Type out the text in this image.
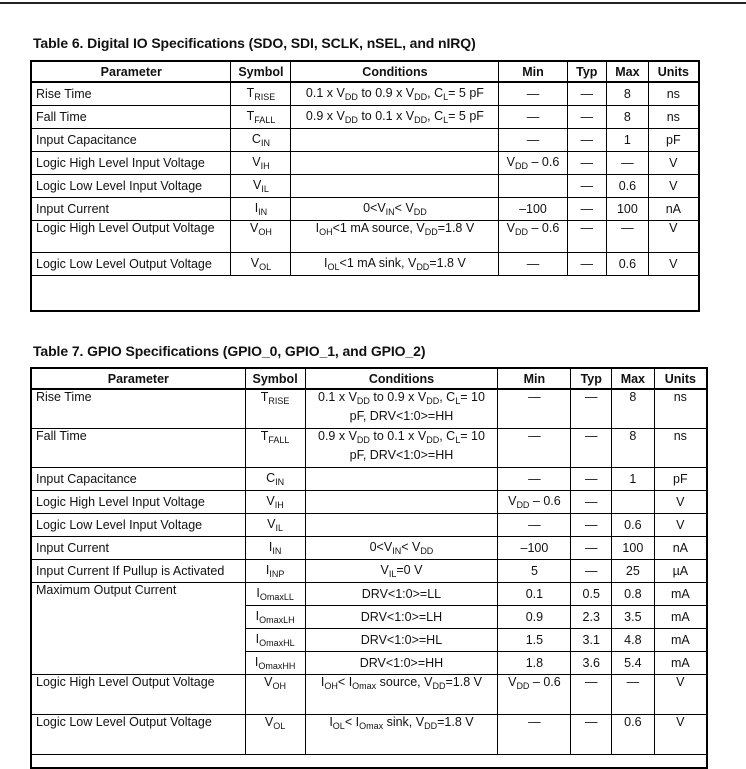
Table 6. Digital IO Specifications (SDO, SDI, SCLK, nSEL, and nIRQ)
Parameter	Symbol	Conditions	Min	Typ	Max	Units
Rise Time	$T_{RISE}$	0.1 x $V_{DD}$ to 0.9 x $V_{DD}$, $C_L= 5$ pF	—	—	8	ns
Fall Time	$T_{FALL}$	0.9 x $V_{DD}$ to 0.1 x $V_{DD}$, $C_L= 5$ pF	—	—	8	ns
Input Capacitance	$C_{IN}$		—	—	1	pF
Logic High Level Input Voltage	$V_{IH}$		$V_{DD} - 0.6$	—	—	V
Logic Low Level Input Voltage	$V_{IL}$			—	0.6	V
Input Current	$I_{IN}$	$0<V_{IN}< V_{DD}$	–100	—	100	nA
Logic High Level Output Voltage	$V_{OH}$	$I_{OH}<1$ mA source, $V_{DD}=1.8$ V	$V_{DD} - 0.6$	—	—	V
Logic Low Level Output Voltage	$V_{OL}$	$I_{OL}<1$ mA sink, $V_{DD}=1.8$ V	—	—	0.6	V

Table 7. GPIO Specifications (GPIO_0, GPIO_1, and GPIO_2)
Parameter	Symbol	Conditions	Min	Typ	Max	Units
Rise Time	$T_{RISE}$	0.1 x $V_{DD}$ to 0.9 x $V_{DD}$, $C_L= 10$ pF, DRV<1:0>=HH	—	—	8	ns
Fall Time	$T_{FALL}$	0.9 x $V_{DD}$ to 0.1 x $V_{DD}$, $C_L= 10$ pF, DRV<1:0>=HH	—	—	8	ns
Input Capacitance	$C_{IN}$		—	—	1	pF
Logic High Level Input Voltage	$V_{IH}$		$V_{DD} - 0.6$	—		V
Logic Low Level Input Voltage	$V_{IL}$		—	—	0.6	V
Input Current	$I_{IN}$	$0<V_{IN}< V_{DD}$	–100	—	100	nA
Input Current If Pullup is Activated	$I_{INP}$	$V_{IL}=0$ V	5	—	25	µA
Maximum Output Current	$I_{OmaxLL}$	DRV<1:0>=LL	0.1	0.5	0.8	mA
	$I_{OmaxLH}$	DRV<1:0>=LH	0.9	2.3	3.5	mA
	$I_{OmaxHL}$	DRV<1:0>=HL	1.5	3.1	4.8	mA
	$I_{OmaxHH}$	DRV<1:0>=HH	1.8	3.6	5.4	mA
Logic High Level Output Voltage	$V_{OH}$	$I_{OH}< I_{Omax}$ source, $V_{DD}=1.8$ V	$V_{DD} - 0.6$	—	—	V
Logic Low Level Output Voltage	$V_{OL}$	$I_{OL}< I_{Omax}$ sink, $V_{DD}=1.8$ V	—	—	0.6	V
